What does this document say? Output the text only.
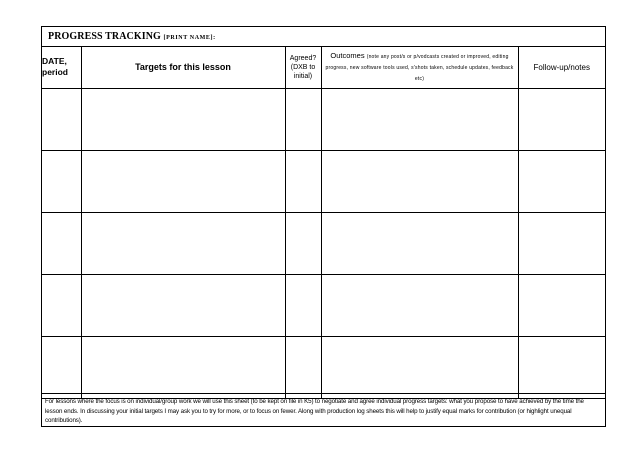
PROGRESS TRACKING [PRINT NAME]:
DATE, period	Targets for this lesson	Agreed? (DXB to initial)	Outcomes (note any post/s or p/vodcasts created or improved, editing progress, new software tools used, s'shots taken, schedule updates, feedback etc)	Follow-up/notes

For lessons where the focus is on individual/group work we will use this sheet (to be kept on file in K5) to negotiate and agree individual progress targets: what you propose to have achieved by the time the lesson ends. In discussing your initial targets I may ask you to try for more, or to focus on fewer. Along with production log sheets this will help to justify equal marks for contribution (or highlight unequal contributions).
